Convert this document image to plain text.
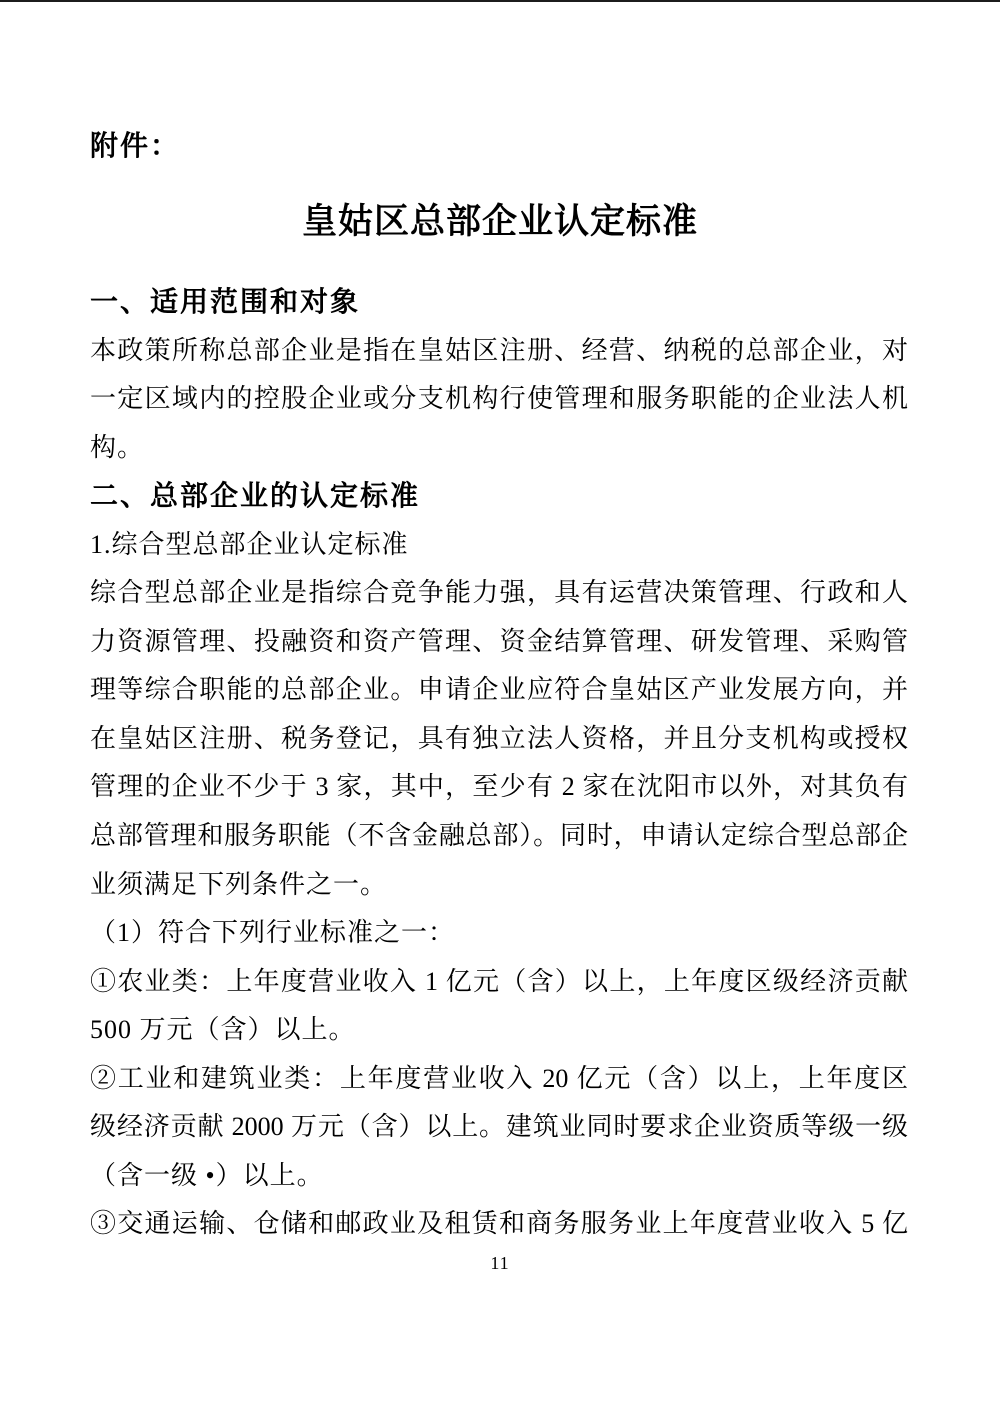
附件：
皇姑区总部企业认定标准
一、适用范围和对象
本政策所称总部企业是指在皇姑区注册、经营、纳税的总部企业，对
一定区域内的控股企业或分支机构行使管理和服务职能的企业法人机
构。
二、总部企业的认定标准
1.综合型总部企业认定标准
综合型总部企业是指综合竞争能力强，具有运营决策管理、行政和人
力资源管理、投融资和资产管理、资金结算管理、研发管理、采购管
理等综合职能的总部企业。申请企业应符合皇姑区产业发展方向，并
在皇姑区注册、税务登记，具有独立法人资格，并且分支机构或授权
管理的企业不少于 3 家，其中，至少有 2 家在沈阳市以外，对其负有
总部管理和服务职能（不含金融总部）。同时，申请认定综合型总部企
业须满足下列条件之一。
（1）符合下列行业标准之一：
①农业类：上年度营业收入 1 亿元（含）以上，上年度区级经济贡献
500 万元（含）以上。
②工业和建筑业类：上年度营业收入 20 亿元（含）以上，上年度区
级经济贡献 2000 万元（含）以上。建筑业同时要求企业资质等级一级
（含一级 •）以上。
③交通运输、仓储和邮政业及租赁和商务服务业上年度营业收入 5 亿
11
